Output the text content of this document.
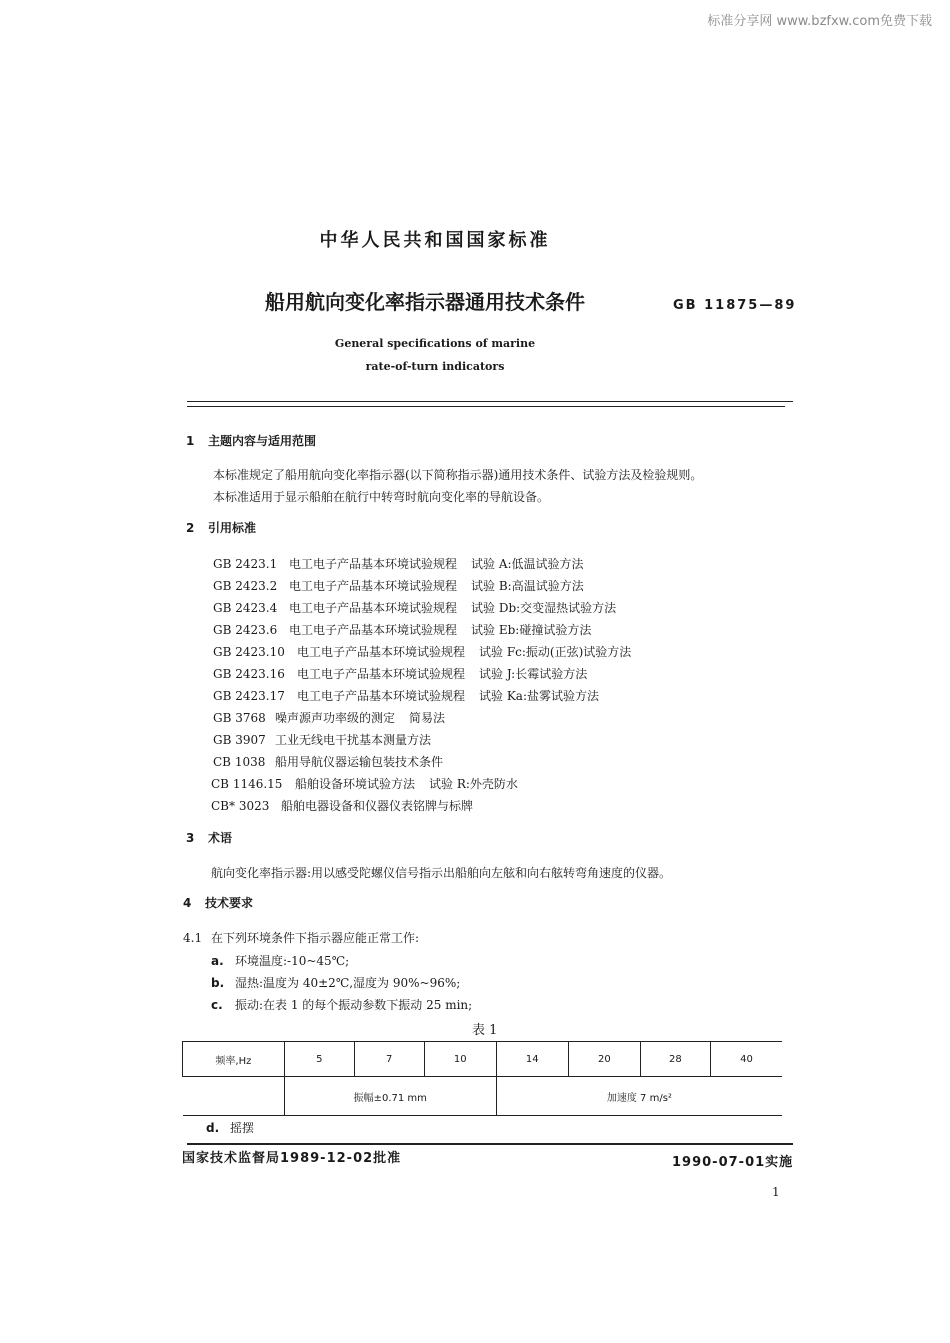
标准分享网 www.bzfxw.com免费下载
中华人民共和国国家标准
船用航向变化率指示器通用技术条件	GB 11875—89
General specifications of marine
rate-of-turn indicators
1 主题内容与适用范围
本标准规定了船用航向变化率指示器(以下简称指示器)通用技术条件、试验方法及检验规则。
本标准适用于显示船舶在航行中转弯时航向变化率的导航设备。
2 引用标准
GB 2423.1 电工电子产品基本环境试验规程 试验 A:低温试验方法
GB 2423.2 电工电子产品基本环境试验规程 试验 B:高温试验方法
GB 2423.4 电工电子产品基本环境试验规程 试验 Db:交变湿热试验方法
GB 2423.6 电工电子产品基本环境试验规程 试验 Eb:碰撞试验方法
GB 2423.10 电工电子产品基本环境试验规程 试验 Fc:振动(正弦)试验方法
GB 2423.16 电工电子产品基本环境试验规程 试验 J:长霉试验方法
GB 2423.17 电工电子产品基本环境试验规程 试验 Ka:盐雾试验方法
GB 3768 噪声源声功率级的测定 简易法
GB 3907 工业无线电干扰基本测量方法
CB 1038 船用导航仪器运输包装技术条件
CB 1146.15 船舶设备环境试验方法 试验 R:外壳防水
CB* 3023 船舶电器设备和仪器仪表铭牌与标牌
3 术语
航向变化率指示器:用以感受陀螺仪信号指示出船舶向左舷和向右舷转弯角速度的仪器。
4 技术要求
4.1 在下列环境条件下指示器应能正常工作:
a. 环境温度:-10~45℃;
b. 湿热:温度为 40±2℃,湿度为 90%~96%;
c. 振动:在表 1 的每个振动参数下振动 25 min;
表 1
频率,Hz	5	7	10	14	20	28	40
	振幅±0.71 mm			加速度 7 m/s²			
d. 摇摆
国家技术监督局1989-12-02批准	1990-07-01实施
1
